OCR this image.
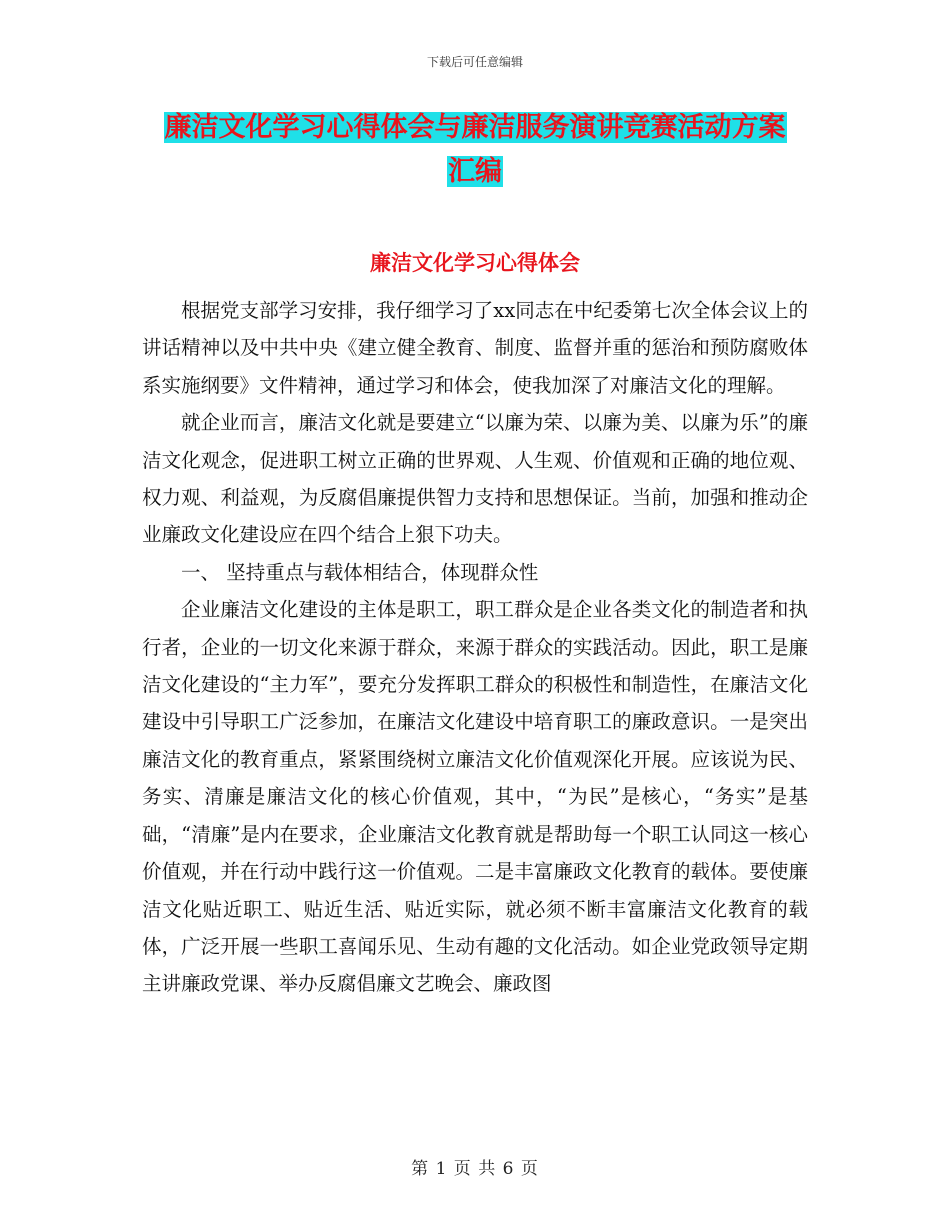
下载后可任意编辑
廉洁文化学习心得体会与廉洁服务演讲竞赛活动方案
汇编
廉洁文化学习心得体会

根据党支部学习安排，我仔细学习了xx同志在中纪委第七次全体会议上的讲话精神以及中共中央《建立健全教育、制度、监督并重的惩治和预防腐败体系实施纲要》文件精神，通过学习和体会，使我加深了对廉洁文化的理解。

就企业而言，廉洁文化就是要建立“以廉为荣、以廉为美、以廉为乐”的廉洁文化观念，促进职工树立正确的世界观、人生观、价值观和正确的地位观、权力观、利益观，为反腐倡廉提供智力支持和思想保证。当前，加强和推动企业廉政文化建设应在四个结合上狠下功夫。

一、 坚持重点与载体相结合，体现群众性

企业廉洁文化建设的主体是职工，职工群众是企业各类文化的制造者和执行者，企业的一切文化来源于群众，来源于群众的实践活动。因此，职工是廉洁文化建设的“主力军”，要充分发挥职工群众的积极性和制造性，在廉洁文化建设中引导职工广泛参加，在廉洁文化建设中培育职工的廉政意识。一是突出廉洁文化的教育重点，紧紧围绕树立廉洁文化价值观深化开展。应该说为民、务实、清廉是廉洁文化的核心价值观，其中，“为民”是核心，“务实”是基础，“清廉”是内在要求，企业廉洁文化教育就是帮助每一个职工认同这一核心价值观，并在行动中践行这一价值观。二是丰富廉政文化教育的载体。要使廉洁文化贴近职工、贴近生活、贴近实际，就必须不断丰富廉洁文化教育的载体，广泛开展一些职工喜闻乐见、生动有趣的文化活动。如企业党政领导定期主讲廉政党课、举办反腐倡廉文艺晚会、廉政图

第 1 页 共 6 页
